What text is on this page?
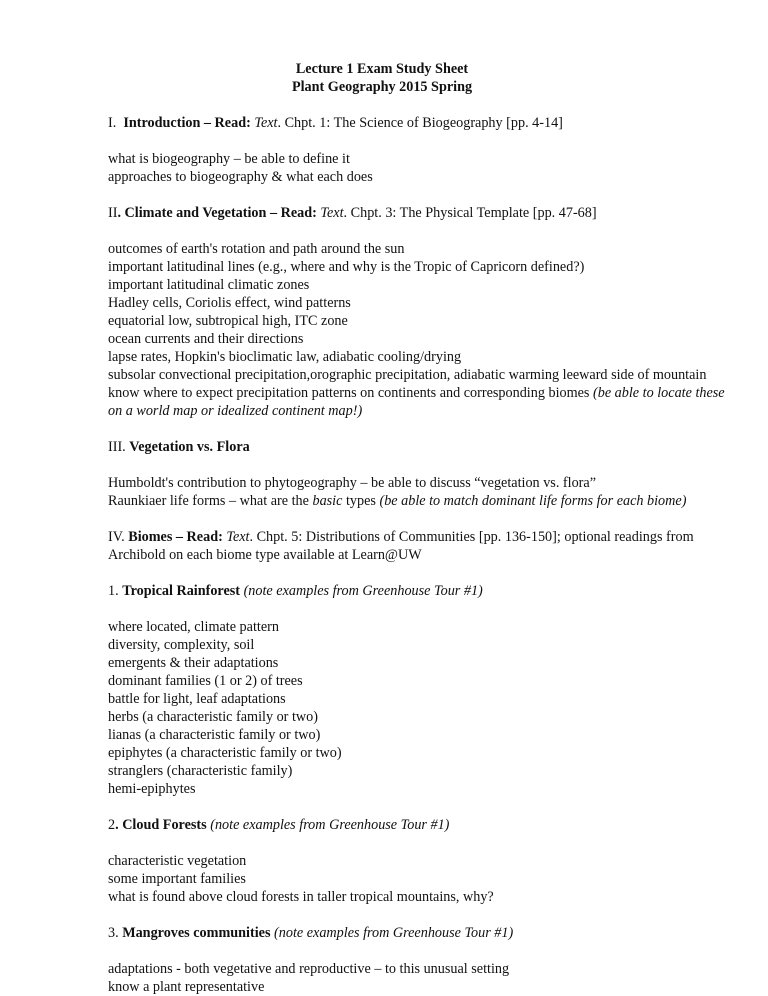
Lecture 1 Exam Study Sheet

Plant Geography 2015 Spring

I. Introduction – Read: Text. Chpt. 1: The Science of Biogeography [pp. 4-14]

what is biogeography – be able to define it

approaches to biogeography & what each does

II. Climate and Vegetation – Read: Text. Chpt. 3: The Physical Template [pp. 47-68]

outcomes of earth's rotation and path around the sun

important latitudinal lines (e.g., where and why is the Tropic of Capricorn defined?)

important latitudinal climatic zones

Hadley cells, Coriolis effect, wind patterns

equatorial low, subtropical high, ITC zone

ocean currents and their directions

lapse rates, Hopkin's bioclimatic law, adiabatic cooling/drying

subsolar convectional precipitation,orographic precipitation, adiabatic warming leeward side of mountain

know where to expect precipitation patterns on continents and corresponding biomes (be able to locate these on a world map or idealized continent map!)

III. Vegetation vs. Flora

Humboldt's contribution to phytogeography – be able to discuss “vegetation vs. flora”

Raunkiaer life forms – what are the basic types (be able to match dominant life forms for each biome)

IV. Biomes – Read: Text. Chpt. 5: Distributions of Communities [pp. 136-150]; optional readings from Archibold on each biome type available at Learn@UW

1. Tropical Rainforest (note examples from Greenhouse Tour #1)

where located, climate pattern

diversity, complexity, soil

emergents & their adaptations

dominant families (1 or 2) of trees

battle for light, leaf adaptations

herbs (a characteristic family or two)

lianas (a characteristic family or two)

epiphytes (a characteristic family or two)

stranglers (characteristic family)

hemi-epiphytes

2. Cloud Forests (note examples from Greenhouse Tour #1)

characteristic vegetation

some important families

what is found above cloud forests in taller tropical mountains, why?

3. Mangroves communities (note examples from Greenhouse Tour #1)

adaptations - both vegetative and reproductive – to this unusual setting

know a plant representative
